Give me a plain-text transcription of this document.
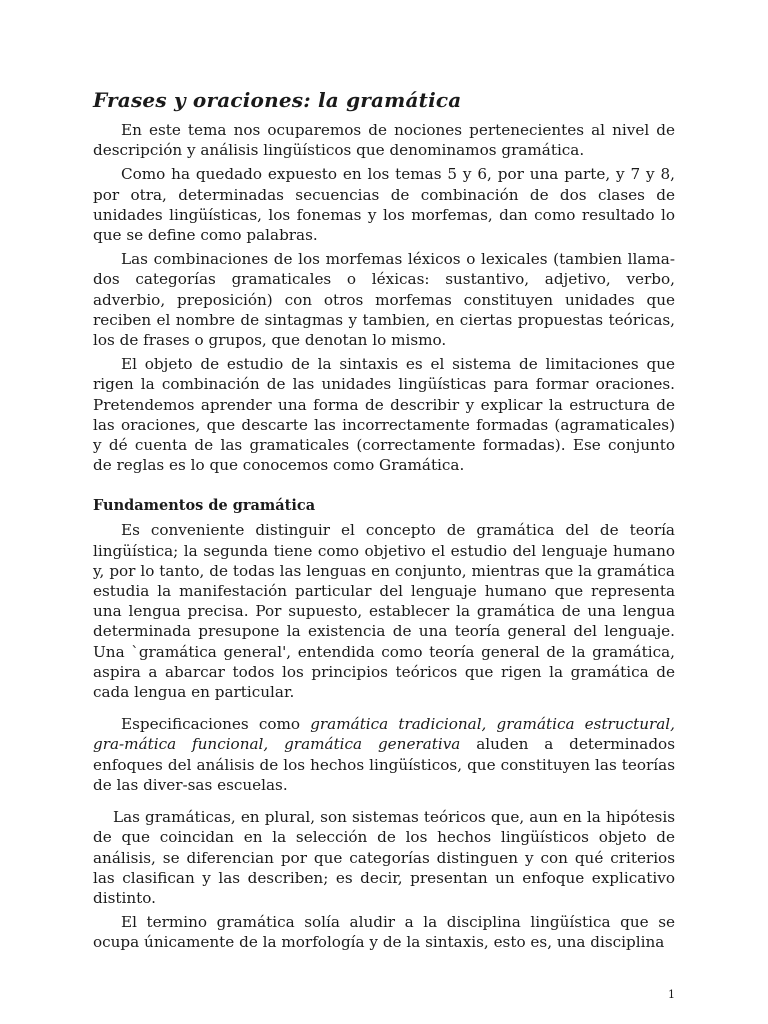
Frases y oraciones: la gramática

En este tema nos ocuparemos de nociones pertenecientes al nivel de descripción y análisis lingüísticos que denominamos gramática.

Como ha quedado expuesto en los temas 5 y 6, por una parte, y 7 y 8, por otra, determinadas secuencias de combinación de dos clases de unidades lingüísticas, los fonemas y los morfemas, dan como resultado lo que se define como palabras.

Las combinaciones de los morfemas léxicos o lexicales (tambien llama-dos categorías gramaticales o léxicas: sustantivo, adjetivo, verbo, adverbio, preposición) con otros morfemas constituyen unidades que reciben el nombre de sintagmas y tambien, en ciertas propuestas teóricas, los de frases o grupos, que denotan lo mismo.

El objeto de estudio de la sintaxis es el sistema de limitaciones que rigen la combinación de las unidades lingüísticas para formar oraciones. Pretendemos aprender una forma de describir y explicar la estructura de las oraciones, que descarte las incorrectamente formadas (agramaticales) y dé cuenta de las gramaticales (correctamente formadas). Ese conjunto de reglas es lo que conocemos como Gramática.

Fundamentos de gramática

Es conveniente distinguir el concepto de gramática del de teoría lingüística; la segunda tiene como objetivo el estudio del lenguaje humano y, por lo tanto, de todas las lenguas en conjunto, mientras que la gramática estudia la manifestación particular del lenguaje humano que representa una lengua precisa. Por supuesto, establecer la gramática de una lengua determinada presupone la existencia de una teoría general del lenguaje. Una `gramática general', entendida como teoría general de la gramática, aspira a abarcar todos los principios teóricos que rigen la gramática de cada lengua en particular.

Especificaciones como gramática tradicional, gramática estructural, gra-mática funcional, gramática generativa aluden a determinados enfoques del análisis de los hechos lingüísticos, que constituyen las teorías de las diver-sas escuelas.

Las gramáticas, en plural, son sistemas teóricos que, aun en la hipótesis de que coincidan en la selección de los hechos lingüísticos objeto de análisis, se diferencian por que categorías distinguen y con qué criterios las clasifican y las describen; es decir, presentan un enfoque explicativo distinto.

El termino gramática solía aludir a la disciplina lingüística que se ocupa únicamente de la morfología y de la sintaxis, esto es, una disciplina

1
